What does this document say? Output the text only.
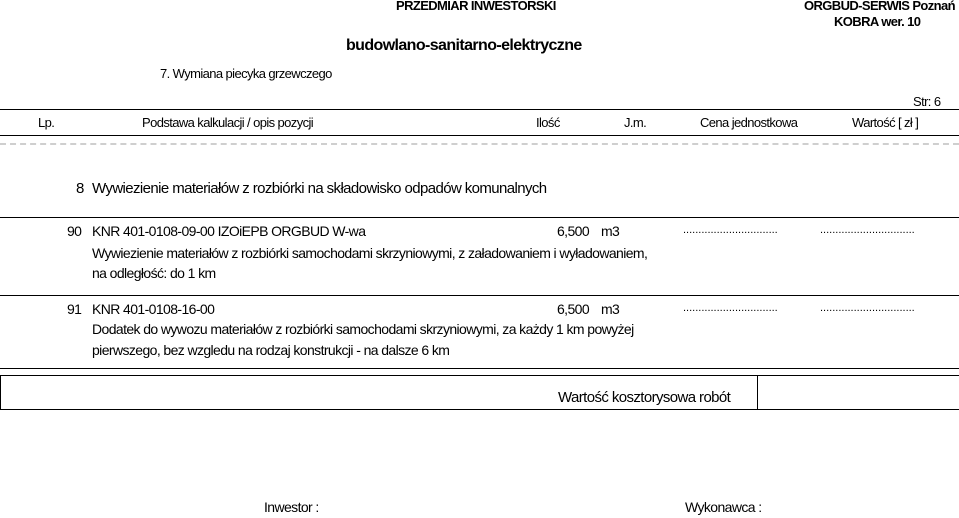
PRZEDMIAR INWESTORSKI	ORGBUD-SERWIS Poznań
KOBRA wer. 10
budowlano-sanitarno-elektryczne
7. Wymiana piecyka grzewczego
Str: 6
Lp.	Podstawa kalkulacji / opis pozycji	Ilość	J.m.	Cena jednostkowa	Wartość [ zł ]
8 Wywiezienie materiałów z rozbiórki na składowisko odpadów komunalnych
90 KNR 401-0108-09-00 IZOiEPB ORGBUD W-wa	6,500 m3	...............................	...............................
Wywiezienie materiałów z rozbiórki samochodami skrzyniowymi, z załadowaniem i wyładowaniem,
na odległość: do 1 km
91 KNR 401-0108-16-00	6,500 m3	...............................	...............................
Dodatek do wywozu materiałów z rozbiórki samochodami skrzyniowymi, za każdy 1 km powyżej
pierwszego, bez wzgledu na rodzaj konstrukcji - na dalsze 6 km
Wartość kosztorysowa robót
Inwestor :	Wykonawca :
